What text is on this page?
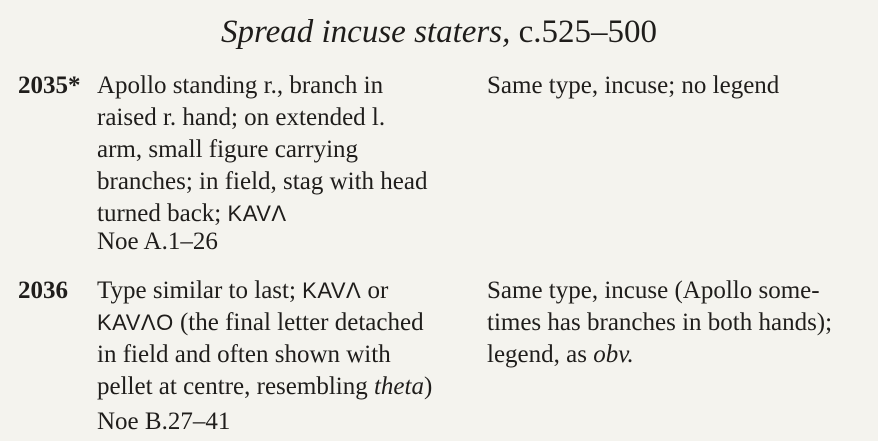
Spread incuse staters, c.525–500
2035* Apollo standing r., branch in
raised r. hand; on extended l.
arm, small figure carrying
branches; in field, stag with head
turned back; KAVΛ
Same type, incuse; no legend
Noe A.1–26
2036 Type similar to last; KAVΛ or
KAVΛO (the final letter detached
in field and often shown with
pellet at centre, resembling theta)
Same type, incuse (Apollo some-
times has branches in both hands);
legend, as obv.
Noe B.27–41
